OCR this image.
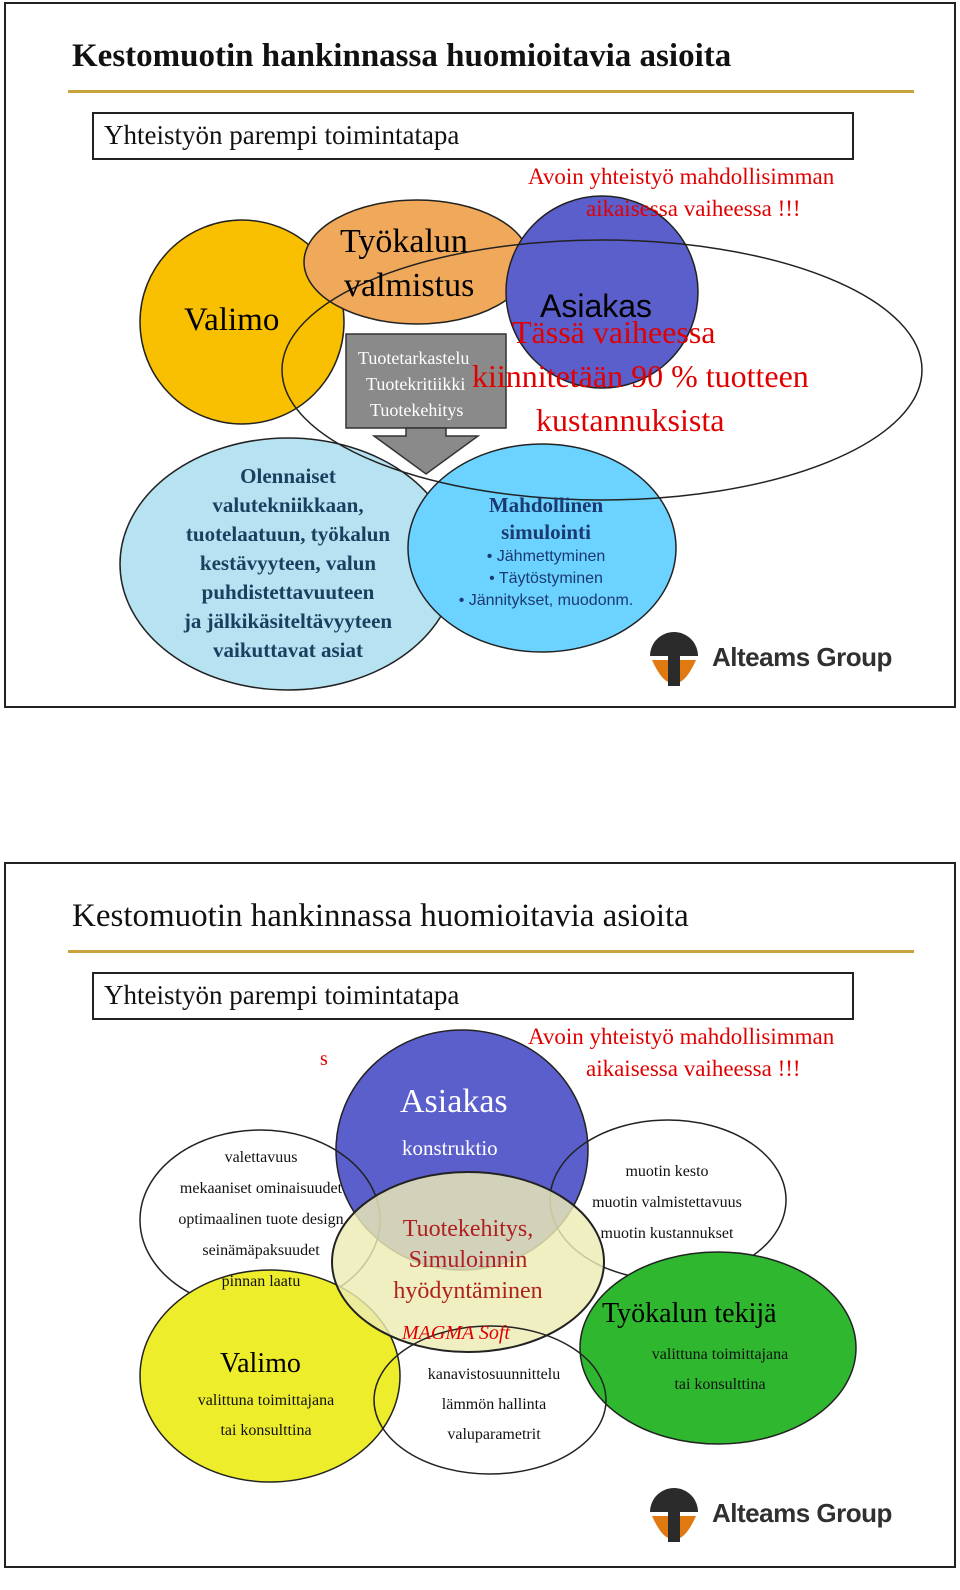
Kestomuotin hankinnassa huomioitavia asioita
Yhteistyön parempi toimintatapa
Avoin yhteistyö mahdollisimman
aikaisessa vaiheessa !!!
Valimo
Työkalun
valmistus
Asiakas
Tuotetarkastelu
Tuotekritiikki
Tuotekehitys
Tässä vaiheessa
kiinnitetään 90 % tuotteen
kustannuksista
Olennaiset
valutekniikkaan,
tuotelaatuun, työkalun
kestävyyteen, valun
puhdistettavuuteen
ja jälkikäsiteltävyyteen
vaikuttavat asiat
Mahdollinen
simulointi
• Jähmettyminen
• Täytöstyminen
• Jännitykset, muodonm.
Alteams Group
Kestomuotin hankinnassa huomioitavia asioita
Yhteistyön parempi toimintatapa
Avoin yhteistyö mahdollisimman
aikaisessa vaiheessa !!!
s
Asiakas
konstruktio
valettavuus
mekaaniset ominaisuudet
optimaalinen tuote design
seinämäpaksuudet
pinnan laatu
muotin kesto
muotin valmistettavuus
muotin kustannukset
Tuotekehitys,
Simuloinnin
hyödyntäminen
MAGMA Soft
kanavistosuunnittelu
lämmön hallinta
valuparametrit
Valimo
valittuna toimittajana
tai konsulttina
Työkalun tekijä
valittuna toimittajana
tai konsulttina
Alteams Group
